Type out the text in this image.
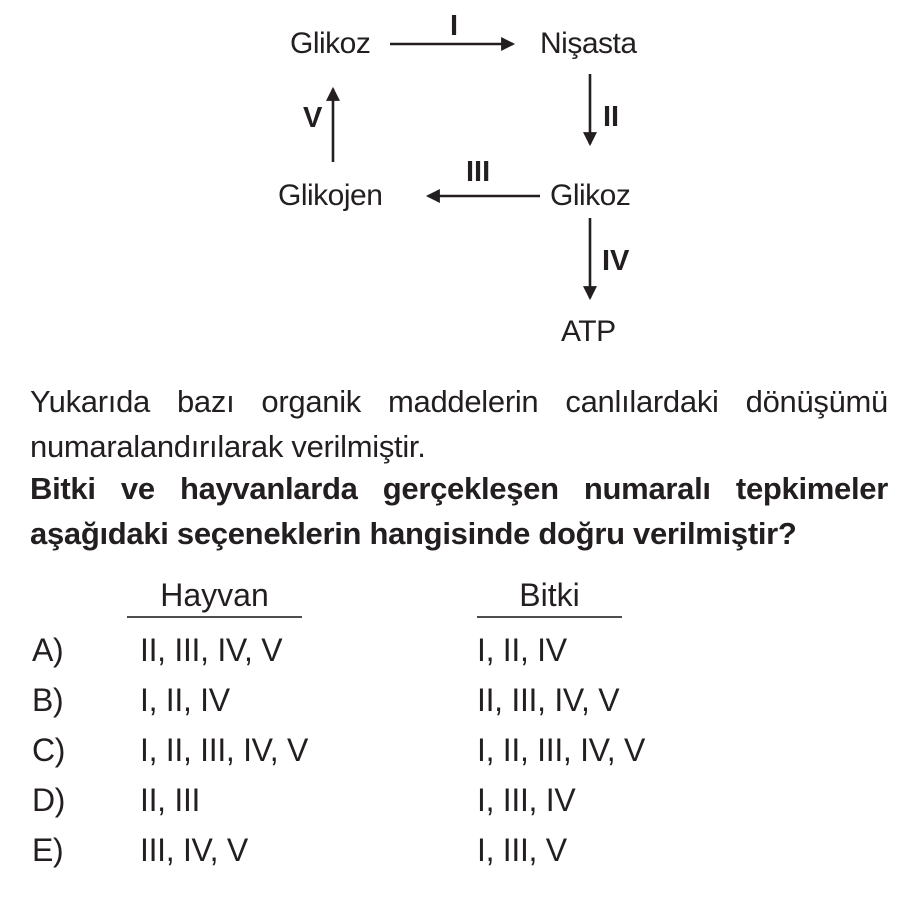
Glikoz	Nişasta
Glikojen	Glikoz
ATP
I
II
III
IV
V
Yukarıda bazı organik maddelerin canlılardaki dönüşümü
numaralandırılarak verilmiştir.
Bitki ve hayvanlarda gerçekleşen numaralı tepkimeler
aşağıdaki seçeneklerin hangisinde doğru verilmiştir?
Hayvan	Bitki
A)	II, III, IV, V	I, II, IV
B)	I, II, IV	II, III, IV, V
C)	I, II, III, IV, V	I, II, III, IV, V
D)	II, III	I, III, IV
E)	III, IV, V	I, III, V
